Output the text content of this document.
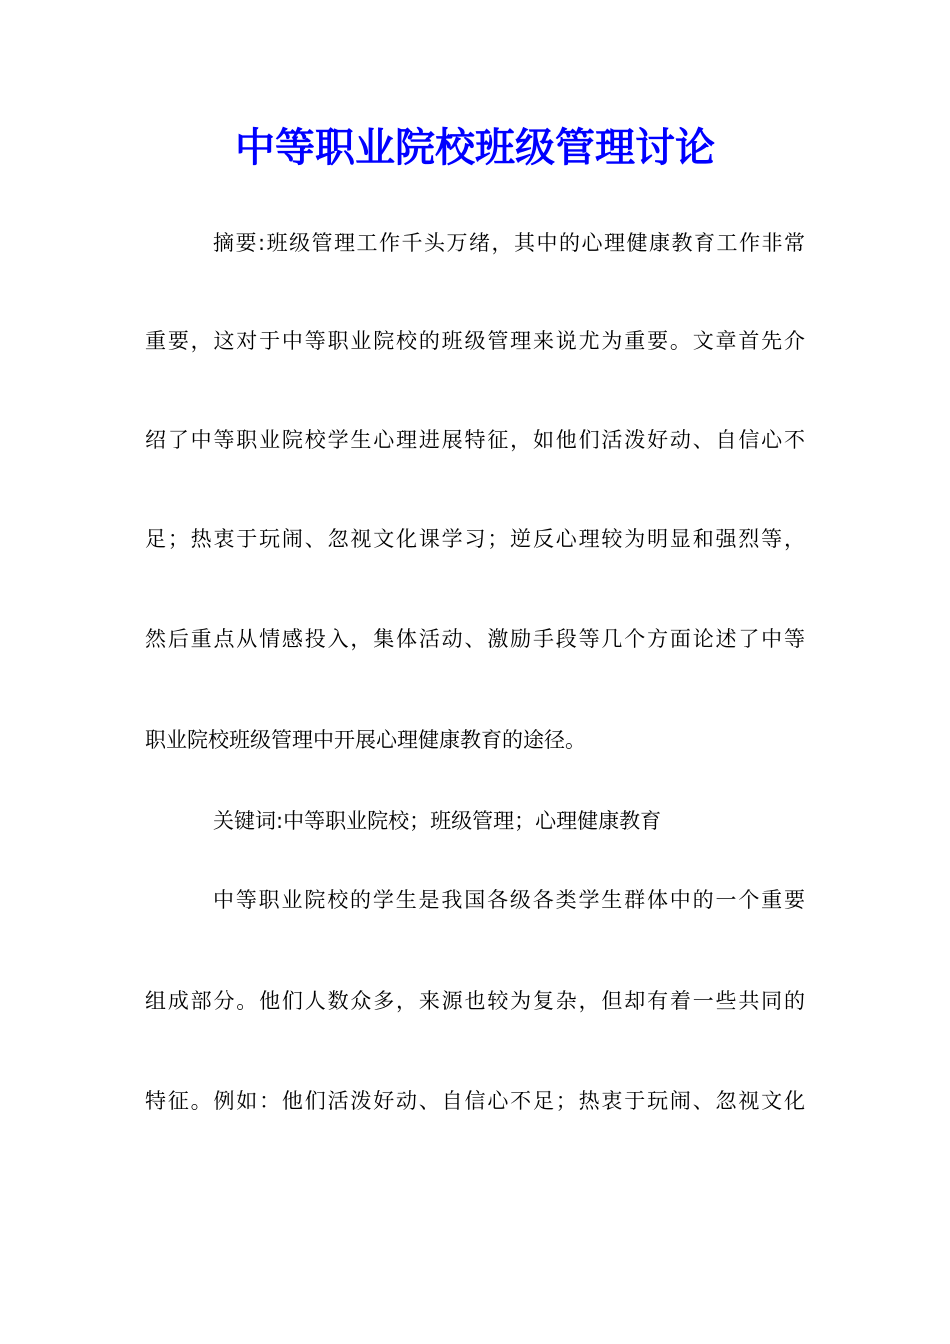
中等职业院校班级管理讨论
摘要:班级管理工作千头万绪，其中的心理健康教育工作非常
重要，这对于中等职业院校的班级管理来说尤为重要。文章首先介
绍了中等职业院校学生心理进展特征，如他们活泼好动、自信心不
足；热衷于玩闹、忽视文化课学习；逆反心理较为明显和强烈等，
然后重点从情感投入，集体活动、激励手段等几个方面论述了中等
职业院校班级管理中开展心理健康教育的途径。
关键词:中等职业院校；班级管理；心理健康教育
中等职业院校的学生是我国各级各类学生群体中的一个重要
组成部分。他们人数众多，来源也较为复杂，但却有着一些共同的
特征。例如：他们活泼好动、自信心不足；热衷于玩闹、忽视文化
